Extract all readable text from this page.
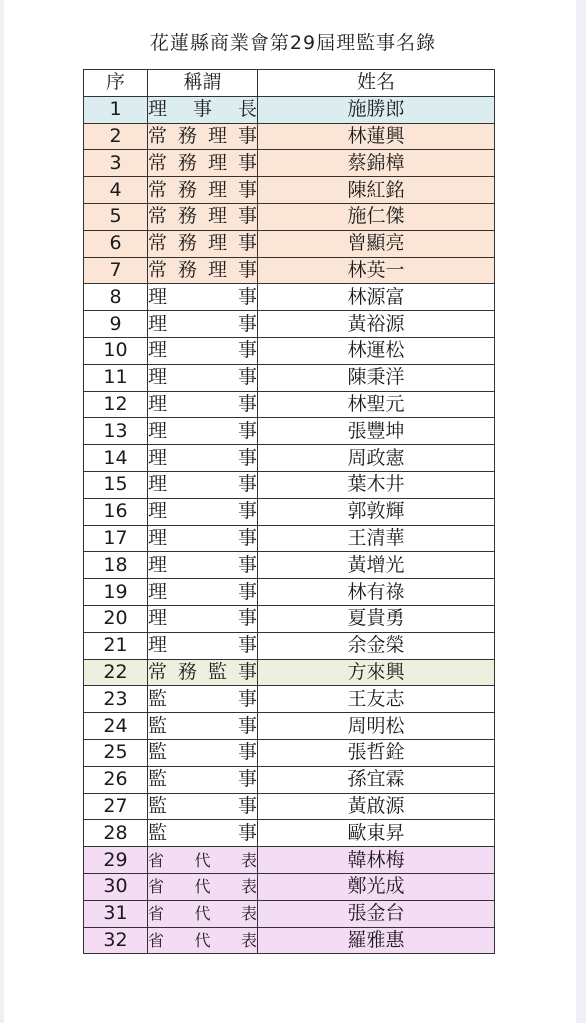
花蓮縣商業會第29屆理監事名錄
序	稱謂	姓名
1	理 事 長	施勝郎
2	常 務 理 事	林蓮興
3	常 務 理 事	蔡錦樟
4	常 務 理 事	陳紅銘
5	常 務 理 事	施仁傑
6	常 務 理 事	曾顯亮
7	常 務 理 事	林英一
8	理 事	林源富
9	理 事	黃裕源
10	理 事	林運松
11	理 事	陳秉洋
12	理 事	林聖元
13	理 事	張豐坤
14	理 事	周政憲
15	理 事	葉木井
16	理 事	郭敦輝
17	理 事	王清華
18	理 事	黃增光
19	理 事	林有祿
20	理 事	夏貴勇
21	理 事	余金榮
22	常 務 監 事	方來興
23	監 事	王友志
24	監 事	周明松
25	監 事	張哲銓
26	監 事	孫宜霖
27	監 事	黃啟源
28	監 事	歐東昇
29	省 代 表	韓林梅
30	省 代 表	鄭光成
31	省 代 表	張金台
32	省 代 表	羅雅惠
